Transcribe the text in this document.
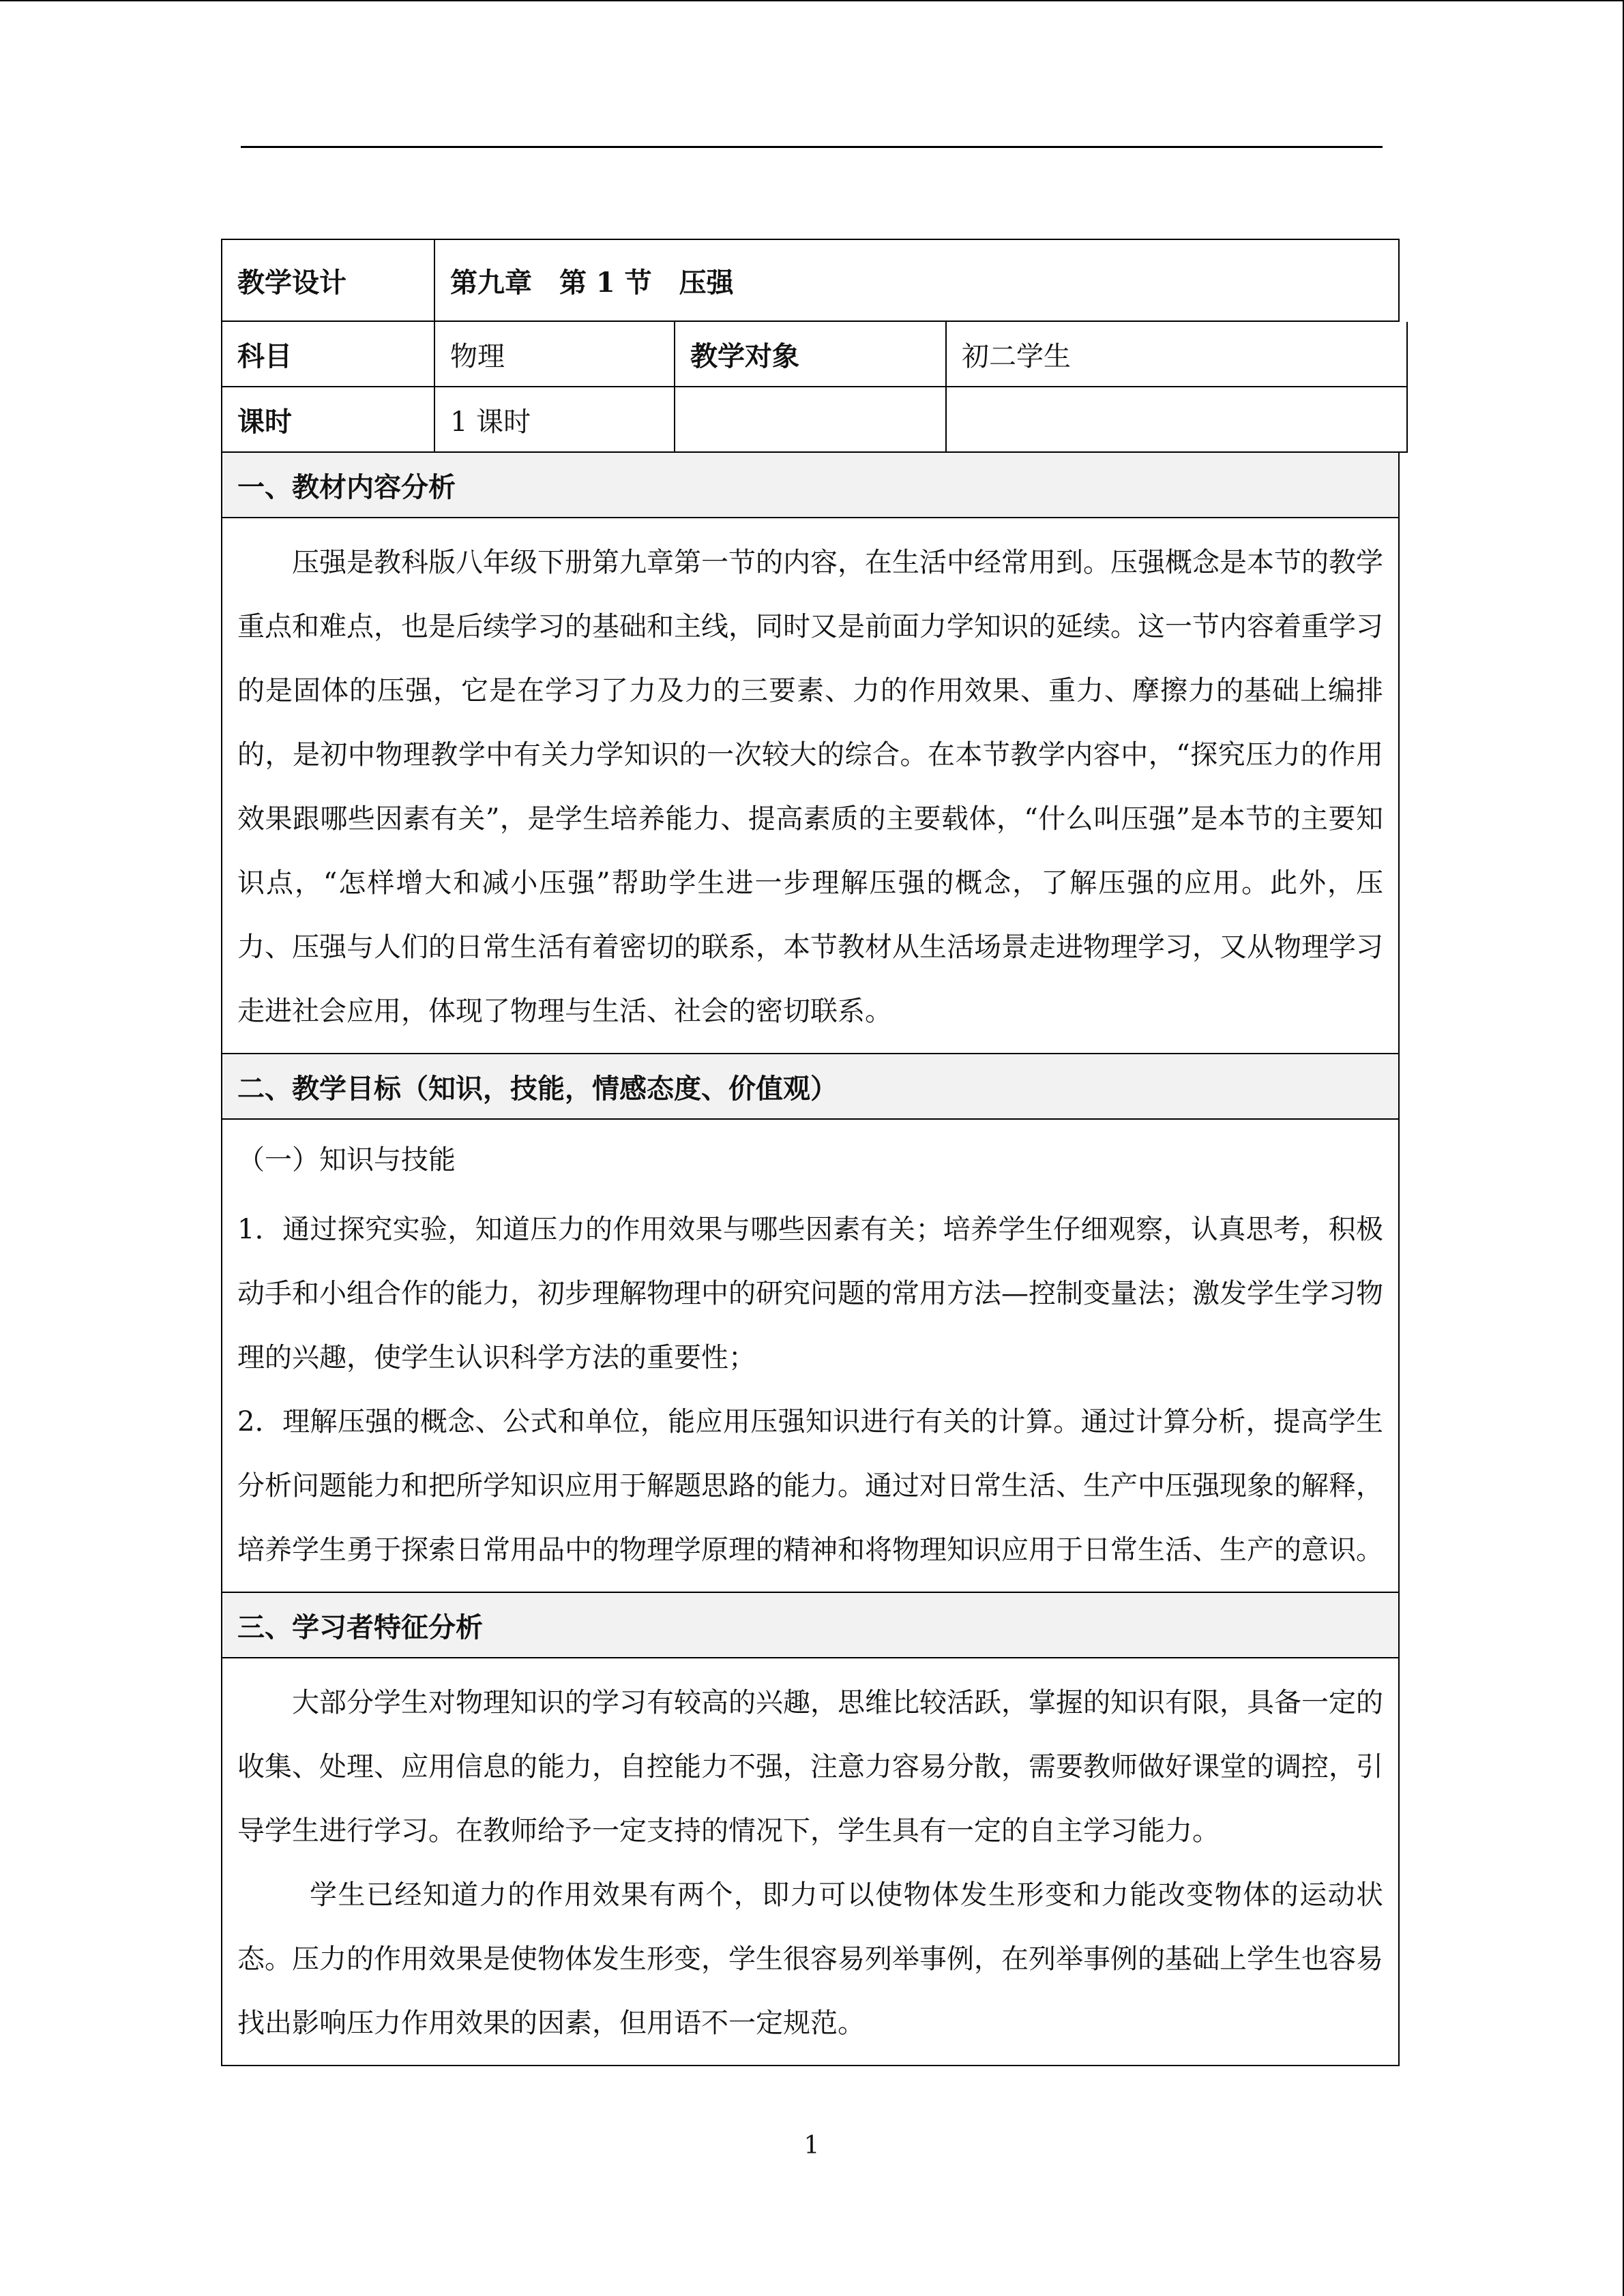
教学设计	第九章　第 1 节　压强
科目	物理	教学对象	初二学生
课时	1 课时
一、教材内容分析

压强是教科版八年级下册第九章第一节的内容，在生活中经常用到。压强概念是本节的教学重点和难点，也是后续学习的基础和主线，同时又是前面力学知识的延续。这一节内容着重学习的是固体的压强，它是在学习了力及力的三要素、力的作用效果、重力、摩擦力的基础上编排的，是初中物理教学中有关力学知识的一次较大的综合。在本节教学内容中，“探究压力的作用效果跟哪些因素有关”，是学生培养能力、提高素质的主要载体，“什么叫压强”是本节的主要知识点，“怎样增大和减小压强”帮助学生进一步理解压强的概念，了解压强的应用。此外，压力、压强与人们的日常生活有着密切的联系，本节教材从生活场景走进物理学习，又从物理学习走进社会应用，体现了物理与生活、社会的密切联系。

二、教学目标（知识，技能，情感态度、价值观）

（一）知识与技能

1．通过探究实验，知道压力的作用效果与哪些因素有关；培养学生仔细观察，认真思考，积极动手和小组合作的能力，初步理解物理中的研究问题的常用方法—控制变量法；激发学生学习物理的兴趣，使学生认识科学方法的重要性；

2．理解压强的概念、公式和单位，能应用压强知识进行有关的计算。通过计算分析，提高学生分析问题能力和把所学知识应用于解题思路的能力。通过对日常生活、生产中压强现象的解释，培养学生勇于探索日常用品中的物理学原理的精神和将物理知识应用于日常生活、生产的意识。

三、学习者特征分析

大部分学生对物理知识的学习有较高的兴趣，思维比较活跃，掌握的知识有限，具备一定的收集、处理、应用信息的能力，自控能力不强，注意力容易分散，需要教师做好课堂的调控，引导学生进行学习。在教师给予一定支持的情况下，学生具有一定的自主学习能力。

学生已经知道力的作用效果有两个，即力可以使物体发生形变和力能改变物体的运动状态。压力的作用效果是使物体发生形变，学生很容易列举事例，在列举事例的基础上学生也容易找出影响压力作用效果的因素，但用语不一定规范。

1
